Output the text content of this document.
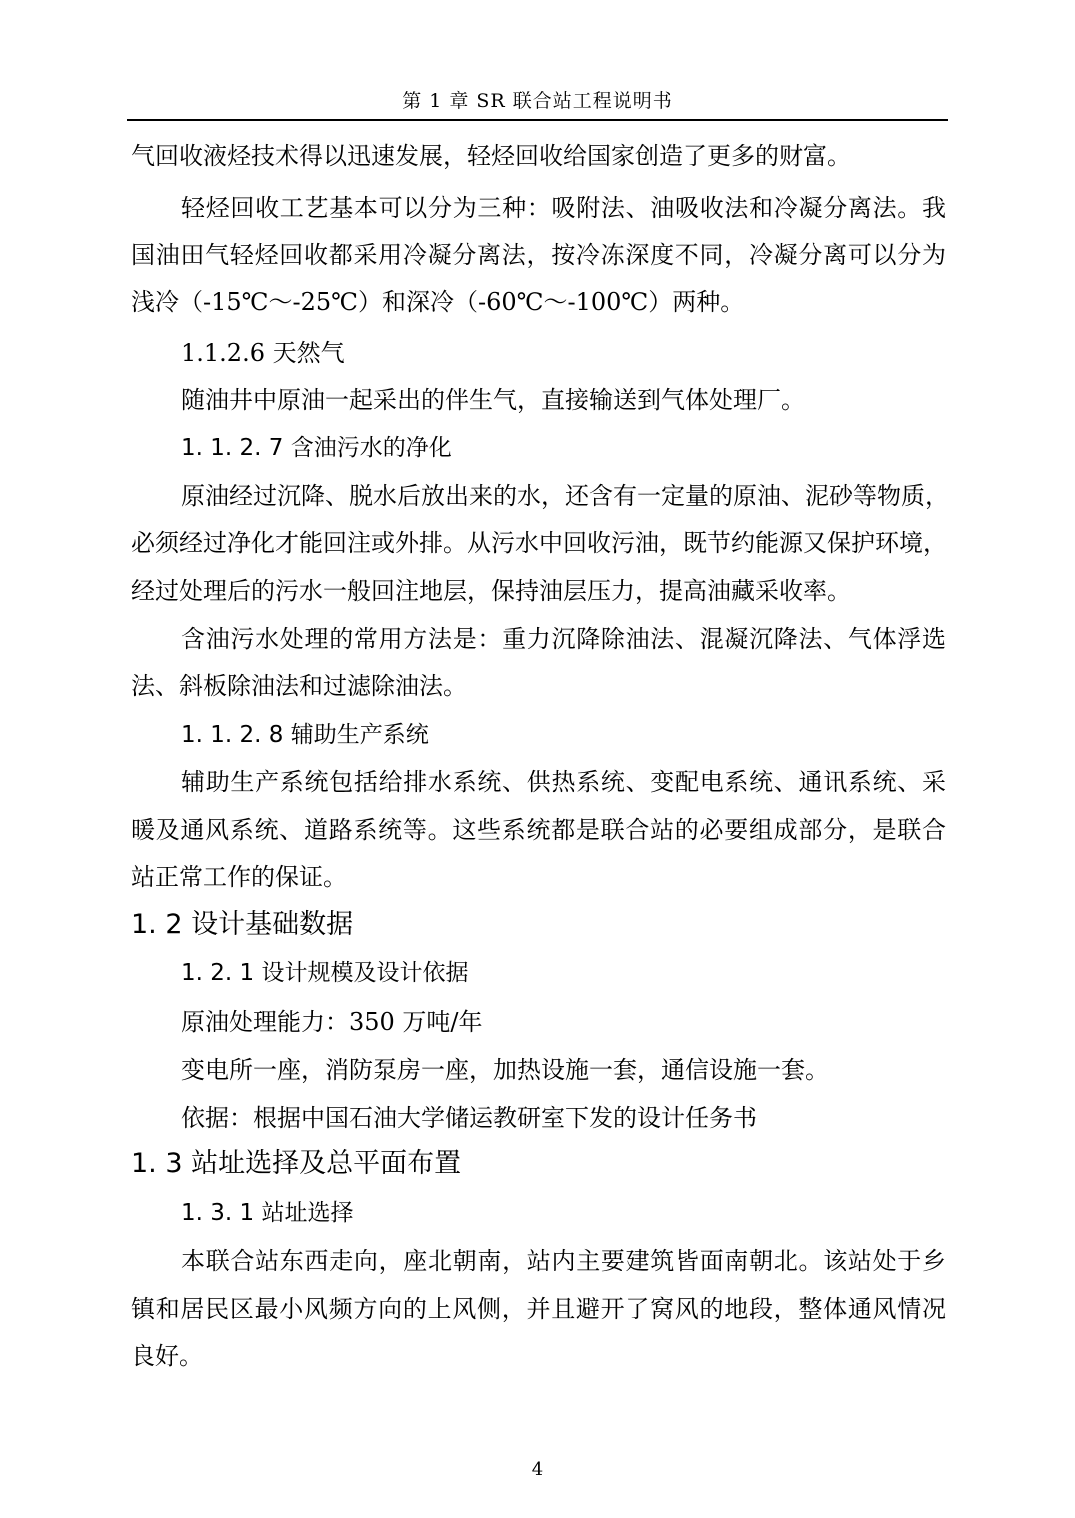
第 1 章 SR 联合站工程说明书
气回收液烃技术得以迅速发展，轻烃回收给国家创造了更多的财富。
轻烃回收工艺基本可以分为三种：吸附法、油吸收法和冷凝分离法。我
国油田气轻烃回收都采用冷凝分离法，按冷冻深度不同，冷凝分离可以分为
浅冷（-15℃～-25℃）和深冷（-60℃～-100℃）两种。
1.1.2.6 天然气
随油井中原油一起采出的伴生气，直接输送到气体处理厂。
1. 1. 2. 7 含油污水的净化
原油经过沉降、脱水后放出来的水，还含有一定量的原油、泥砂等物质，
必须经过净化才能回注或外排。从污水中回收污油，既节约能源又保护环境，
经过处理后的污水一般回注地层，保持油层压力，提高油藏采收率。
含油污水处理的常用方法是：重力沉降除油法、混凝沉降法、气体浮选
法、斜板除油法和过滤除油法。
1. 1. 2. 8 辅助生产系统
辅助生产系统包括给排水系统、供热系统、变配电系统、通讯系统、采
暖及通风系统、道路系统等。这些系统都是联合站的必要组成部分，是联合
站正常工作的保证。
1. 2 设计基础数据
1. 2. 1 设计规模及设计依据
原油处理能力：350 万吨/年
变电所一座，消防泵房一座，加热设施一套，通信设施一套。
依据：根据中国石油大学储运教研室下发的设计任务书
1. 3 站址选择及总平面布置
1. 3. 1 站址选择
本联合站东西走向，座北朝南，站内主要建筑皆面南朝北。该站处于乡
镇和居民区最小风频方向的上风侧，并且避开了窝风的地段，整体通风情况
良好。
4
